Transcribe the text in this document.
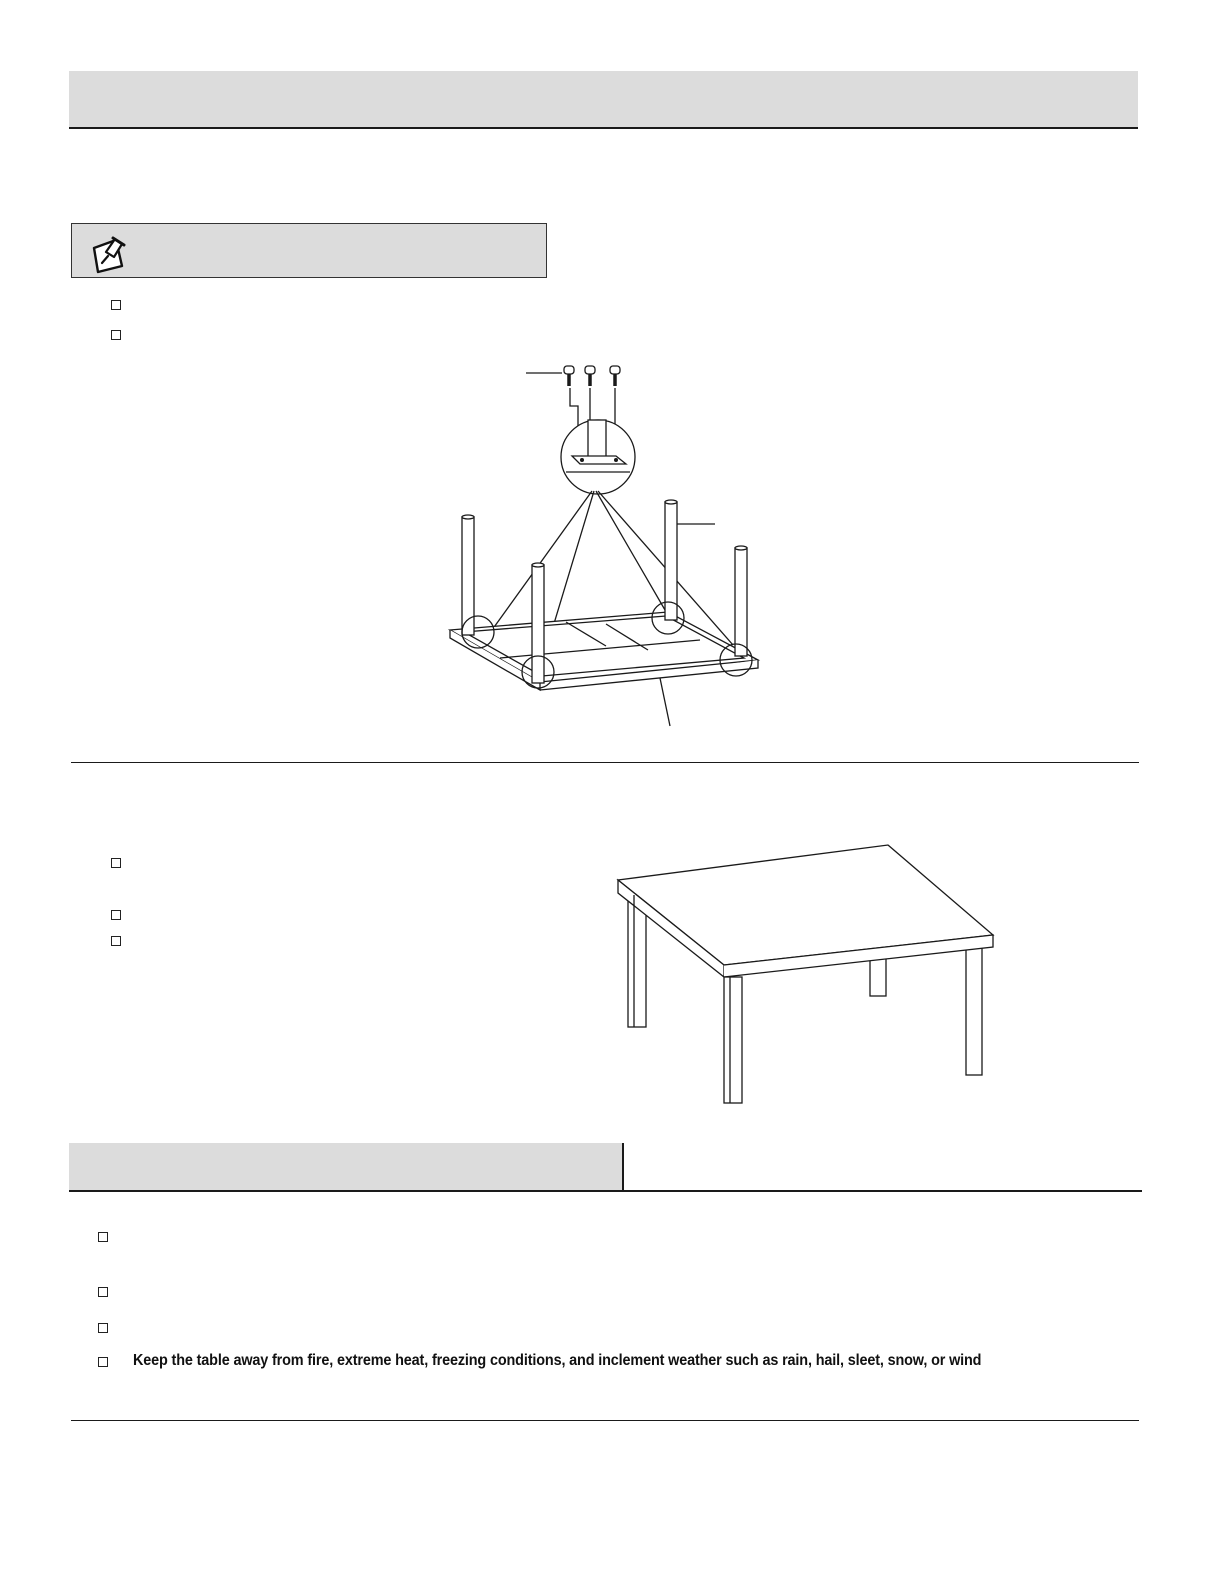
Keep the table away from fire, extreme heat, freezing conditions, and inclement weather such as rain, hail, sleet, snow, or wind
